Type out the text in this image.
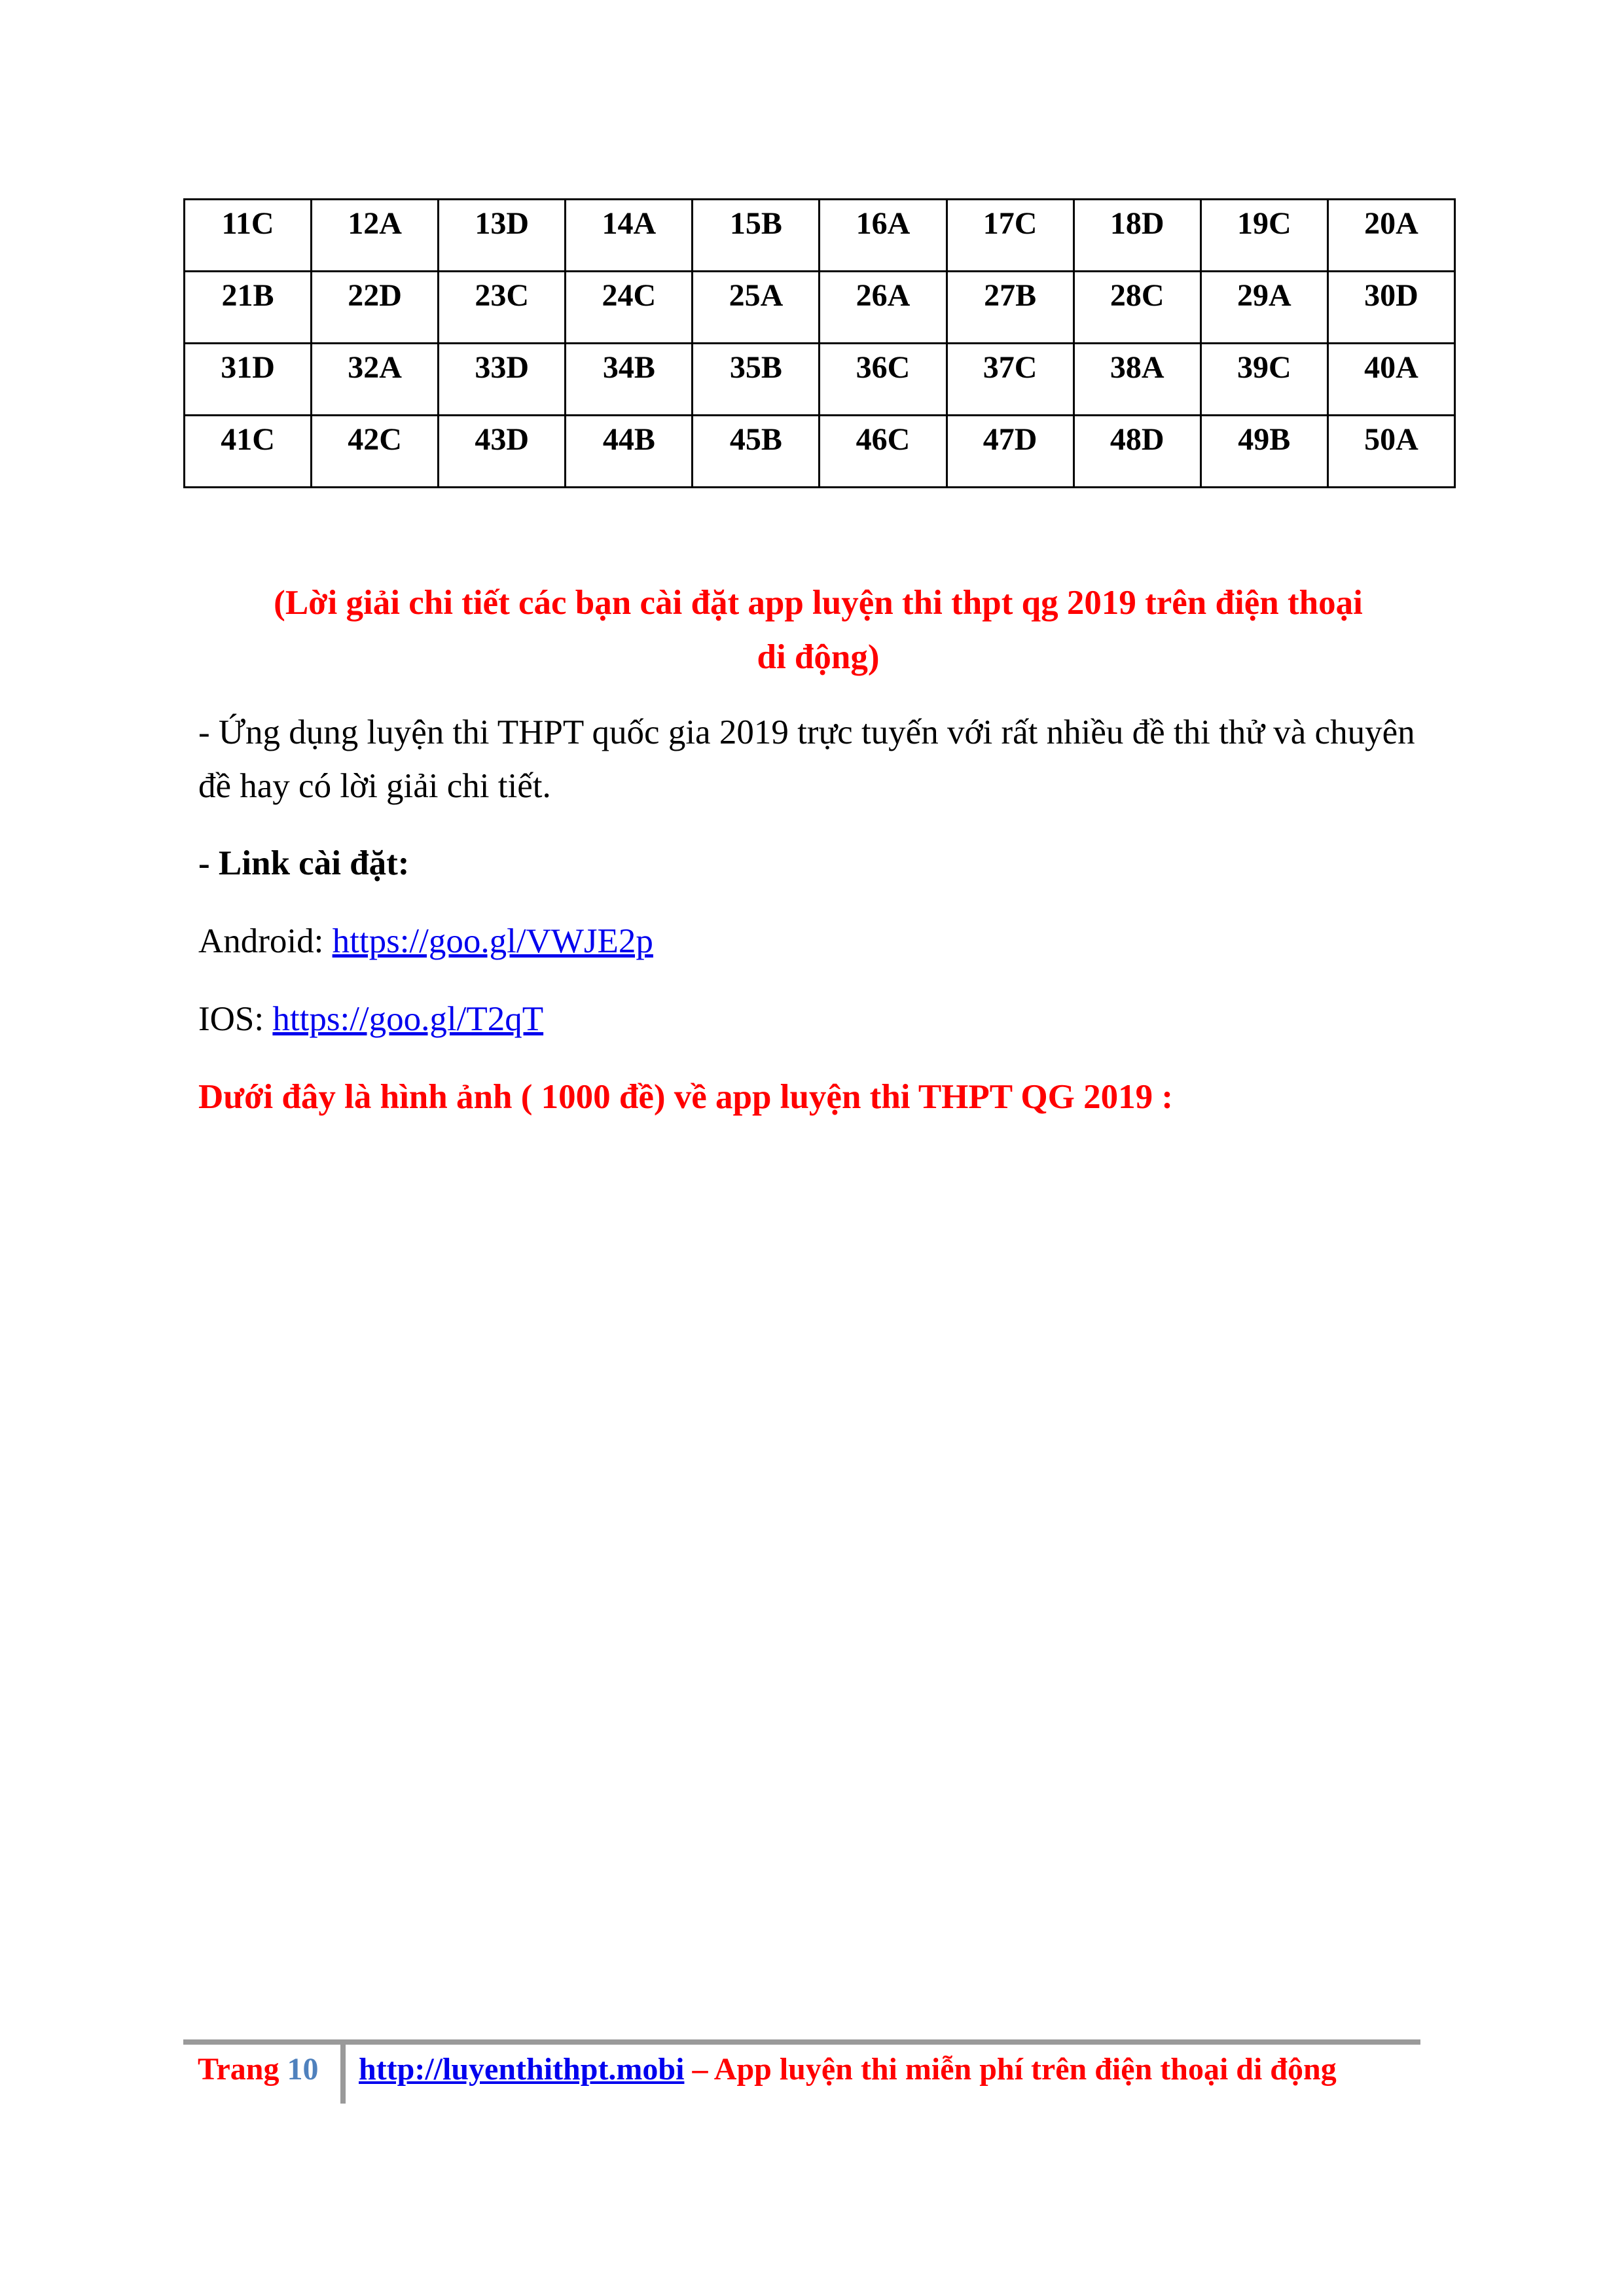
11C	12A	13D	14A	15B	16A	17C	18D	19C	20A
21B	22D	23C	24C	25A	26A	27B	28C	29A	30D
31D	32A	33D	34B	35B	36C	37C	38A	39C	40A
41C	42C	43D	44B	45B	46C	47D	48D	49B	50A
(Lời giải chi tiết các bạn cài đặt app luyện thi thpt qg 2019 trên điện thoại
di động)
- Ứng dụng luyện thi THPT quốc gia 2019 trực tuyến với rất nhiều đề thi thử và chuyên đề hay có lời giải chi tiết.
- Link cài đặt:
Android: https://goo.gl/VWJE2p
IOS: https://goo.gl/T2qT
Dưới đây là hình ảnh ( 1000 đề) về app luyện thi THPT QG 2019 :
Trang 10 http://luyenthithpt.mobi – App luyện thi miễn phí trên điện thoại di động
